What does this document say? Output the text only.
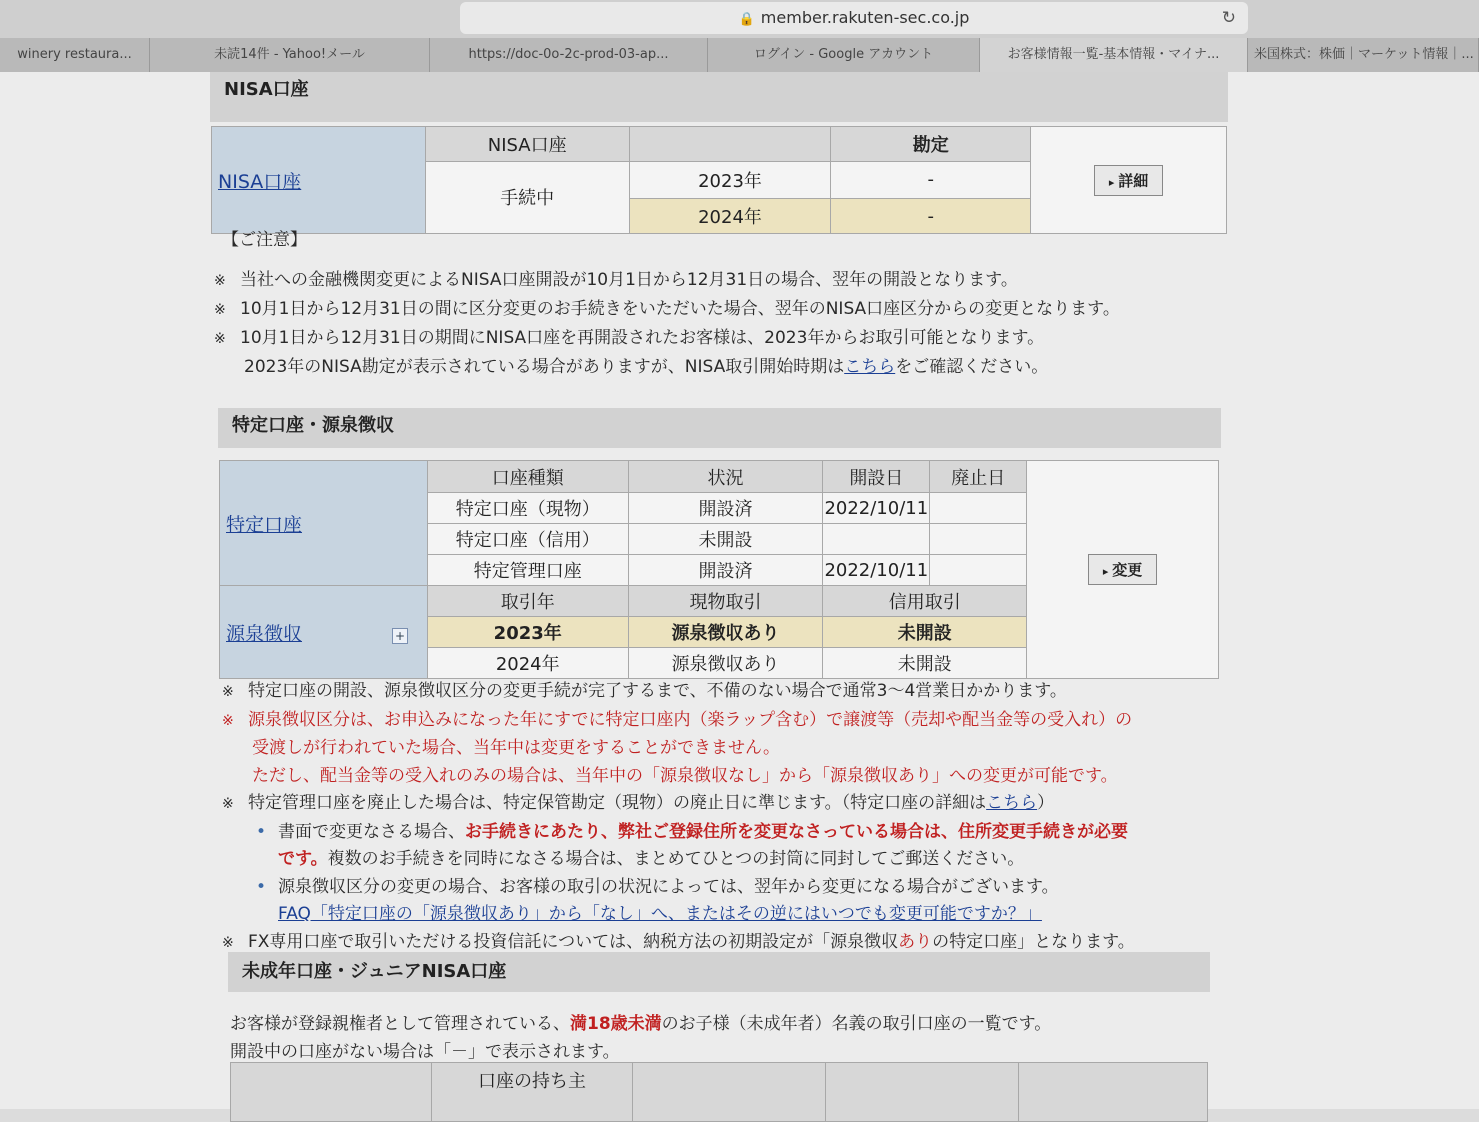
🔒 member.rakuten-sec.co.jp	↻
winery restaura...	未読14件 - Yahoo!メール	https://doc-0o-2c-prod-03-ap...	ログイン - Google アカウント	お客様情報一覧-基本情報・マイナ...	米国株式：株価｜マーケット情報｜...
NISA口座
NISA口座	NISA口座		勘定	▸ 詳細
	手続中	2023年	-	
		2024年	-	
【ご注意】
※ 当社への金融機関変更によるNISA口座開設が10月1日から12月31日の場合、翌年の開設となります。
※ 10月1日から12月31日の間に区分変更のお手続きをいただいた場合、翌年のNISA口座区分からの変更となります。
※ 10月1日から12月31日の期間にNISA口座を再開設されたお客様は、2023年からお取引可能となります。
2023年のNISA勘定が表示されている場合がありますが、NISA取引開始時期はこちらをご確認ください。
特定口座・源泉徴収
特定口座	口座種類	状況	開設日	廃止日	▸ 変更
	特定口座（現物）	開設済	2022/10/11		
	特定口座（信用）	未開設			
	特定管理口座	開設済	2022/10/11		
源泉徴収 +	取引年	現物取引	信用取引		
	2023年	源泉徴収あり	未開設		
	2024年	源泉徴収あり	未開設		
※ 特定口座の開設、源泉徴収区分の変更手続が完了するまで、不備のない場合で通常3〜4営業日かかります。
※ 源泉徴収区分は、お申込みになった年にすでに特定口座内（楽ラップ含む）で譲渡等（売却や配当金等の受入れ）の
受渡しが行われていた場合、当年中は変更をすることができません。
ただし、配当金等の受入れのみの場合は、当年中の「源泉徴収なし」から「源泉徴収あり」への変更が可能です。
※ 特定管理口座を廃止した場合は、特定保管勘定（現物）の廃止日に準じます。（特定口座の詳細はこちら）
• 書面で変更なさる場合、お手続きにあたり、弊社ご登録住所を変更なさっている場合は、住所変更手続きが必要
です。複数のお手続きを同時になさる場合は、まとめてひとつの封筒に同封してご郵送ください。
• 源泉徴収区分の変更の場合、お客様の取引の状況によっては、翌年から変更になる場合がございます。
FAQ「特定口座の「源泉徴収あり」から「なし」へ、またはその逆にはいつでも変更可能ですか？」
※ FX専用口座で取引いただける投資信託については、納税方法の初期設定が「源泉徴収ありの特定口座」となります。
未成年口座・ジュニアNISA口座
お客様が登録親権者として管理されている、満18歳未満のお子様（未成年者）名義の取引口座の一覧です。
開設中の口座がない場合は「－」で表示されます。
	口座の持ち主			
